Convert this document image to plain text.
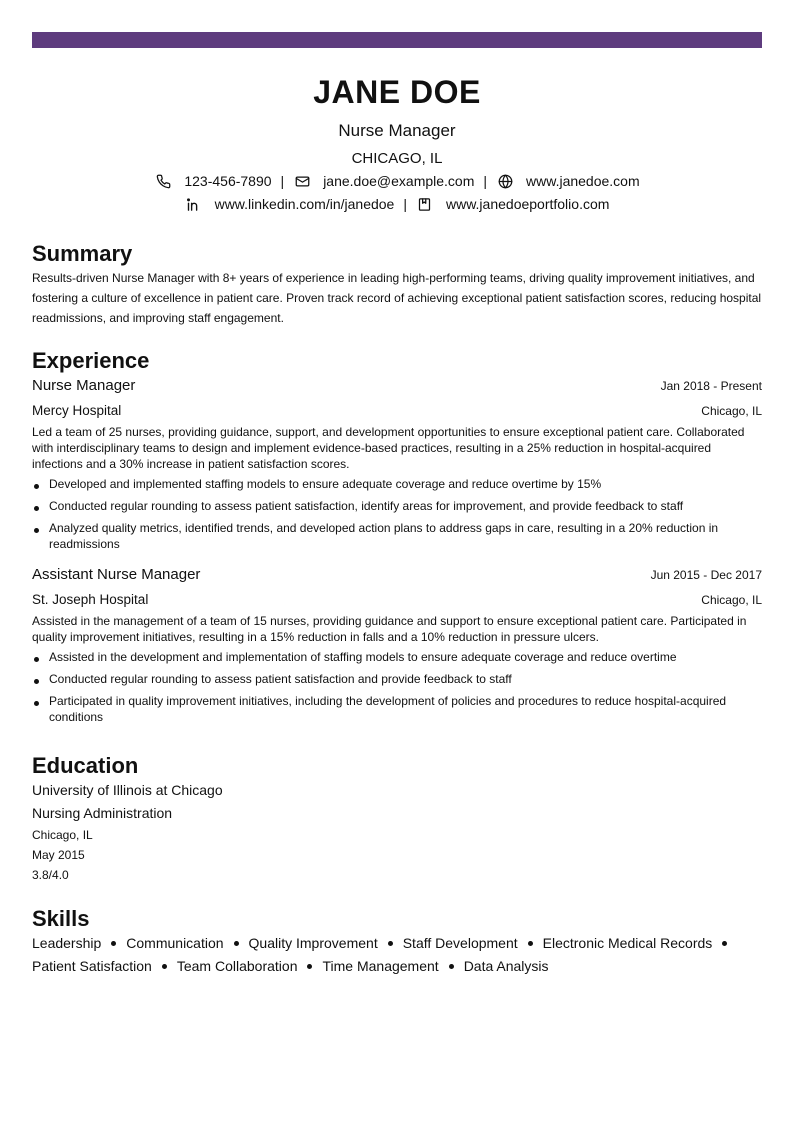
JANE DOE
Nurse Manager
CHICAGO, IL
123-456-7890 |	jane.doe@example.com |	www.janedoe.com
www.linkedin.com/in/janedoe |	www.janedoeportfolio.com
Summary

Results-driven Nurse Manager with 8+ years of experience in leading high-performing teams, driving quality improvement initiatives, and fostering a culture of excellence in patient care. Proven track record of achieving exceptional patient satisfaction scores, reducing hospital readmissions, and improving staff engagement.

Experience
Nurse Manager	Jan 2018 - Present
Mercy Hospital	Chicago, IL

Led a team of 25 nurses, providing guidance, support, and development opportunities to ensure exceptional patient care. Collaborated with interdisciplinary teams to design and implement evidence-based practices, resulting in a 25% reduction in hospital-acquired infections and a 30% increase in patient satisfaction scores.

Developed and implemented staffing models to ensure adequate coverage and reduce overtime by 15%
Conducted regular rounding to assess patient satisfaction, identify areas for improvement, and provide feedback to staff
Analyzed quality metrics, identified trends, and developed action plans to address gaps in care, resulting in a 20% reduction in readmissions
Assistant Nurse Manager	Jun 2015 - Dec 2017
St. Joseph Hospital	Chicago, IL

Assisted in the management of a team of 15 nurses, providing guidance and support to ensure exceptional patient care. Participated in quality improvement initiatives, resulting in a 15% reduction in falls and a 10% reduction in pressure ulcers.

Assisted in the development and implementation of staffing models to ensure adequate coverage and reduce overtime
Conducted regular rounding to assess patient satisfaction and provide feedback to staff
Participated in quality improvement initiatives, including the development of policies and procedures to reduce hospital-acquired conditions
Education
University of Illinois at Chicago
Nursing Administration
Chicago, IL
May 2015
3.8/4.0
Skills
Leadership Communication Quality Improvement Staff Development Electronic Medical Records
Patient Satisfaction Team Collaboration Time Management Data Analysis
